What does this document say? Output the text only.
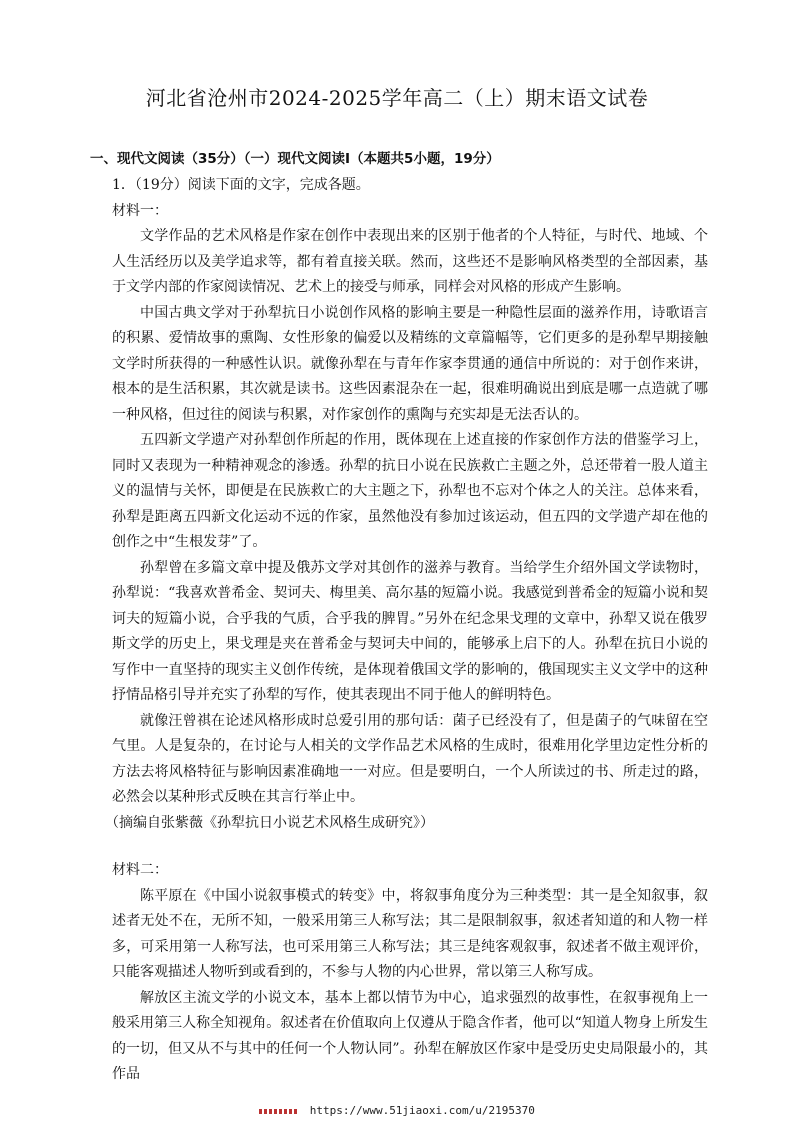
河北省沧州市2024-2025学年高二（上）期末语文试卷
一、现代文阅读（35分）（一）现代文阅读Ⅰ（本题共5小题，19分）

1．（19分）阅读下面的文字，完成各题。

材料一：

文学作品的艺术风格是作家在创作中表现出来的区别于他者的个人特征，与时代、地域、个人生活经历以及美学追求等，都有着直接关联。然而，这些还不是影响风格类型的全部因素，基于文学内部的作家阅读情况、艺术上的接受与师承，同样会对风格的形成产生影响。

中国古典文学对于孙犁抗日小说创作风格的影响主要是一种隐性层面的滋养作用，诗歌语言的积累、爱情故事的熏陶、女性形象的偏爱以及精练的文章篇幅等，它们更多的是孙犁早期接触文学时所获得的一种感性认识。就像孙犁在与青年作家李贯通的通信中所说的：对于创作来讲，根本的是生活积累，其次就是读书。这些因素混杂在一起，很难明确说出到底是哪一点造就了哪一种风格，但过往的阅读与积累，对作家创作的熏陶与充实却是无法否认的。

五四新文学遗产对孙犁创作所起的作用，既体现在上述直接的作家创作方法的借鉴学习上，同时又表现为一种精神观念的渗透。孙犁的抗日小说在民族救亡主题之外，总还带着一股人道主义的温情与关怀，即便是在民族救亡的大主题之下，孙犁也不忘对个体之人的关注。总体来看，孙犁是距离五四新文化运动不远的作家，虽然他没有参加过该运动，但五四的文学遗产却在他的创作之中“生根发芽”了。

孙犁曾在多篇文章中提及俄苏文学对其创作的滋养与教育。当给学生介绍外国文学读物时，孙犁说：“我喜欢普希金、契诃夫、梅里美、高尔基的短篇小说。我感觉到普希金的短篇小说和契诃夫的短篇小说，合乎我的气质，合乎我的脾胃。”另外在纪念果戈理的文章中，孙犁又说在俄罗斯文学的历史上，果戈理是夹在普希金与契诃夫中间的，能够承上启下的人。孙犁在抗日小说的写作中一直坚持的现实主义创作传统，是体现着俄国文学的影响的，俄国现实主义文学中的这种抒情品格引导并充实了孙犁的写作，使其表现出不同于他人的鲜明特色。

就像汪曾祺在论述风格形成时总爱引用的那句话：菌子已经没有了，但是菌子的气味留在空气里。人是复杂的，在讨论与人相关的文学作品艺术风格的生成时，很难用化学里边定性分析的方法去将风格特征与影响因素准确地一一对应。但是要明白，一个人所读过的书、所走过的路，必然会以某种形式反映在其言行举止中。

（摘编自张紫薇《孙犁抗日小说艺术风格生成研究》）

材料二：

陈平原在《中国小说叙事模式的转变》中，将叙事角度分为三种类型：其一是全知叙事，叙述者无处不在，无所不知，一般采用第三人称写法；其二是限制叙事，叙述者知道的和人物一样多，可采用第一人称写法，也可采用第三人称写法；其三是纯客观叙事，叙述者不做主观评价，只能客观描述人物听到或看到的，不参与人物的内心世界，常以第三人称写成。

解放区主流文学的小说文本，基本上都以情节为中心，追求强烈的故事性，在叙事视角上一般采用第三人称全知视角。叙述者在价值取向上仅遵从于隐含作者，他可以“知道人物身上所发生的一切，但又从不与其中的任何一个人物认同”。孙犁在解放区作家中是受历史史局限最小的，其作品

https://www.51jiaoxi.com/u/2195370
